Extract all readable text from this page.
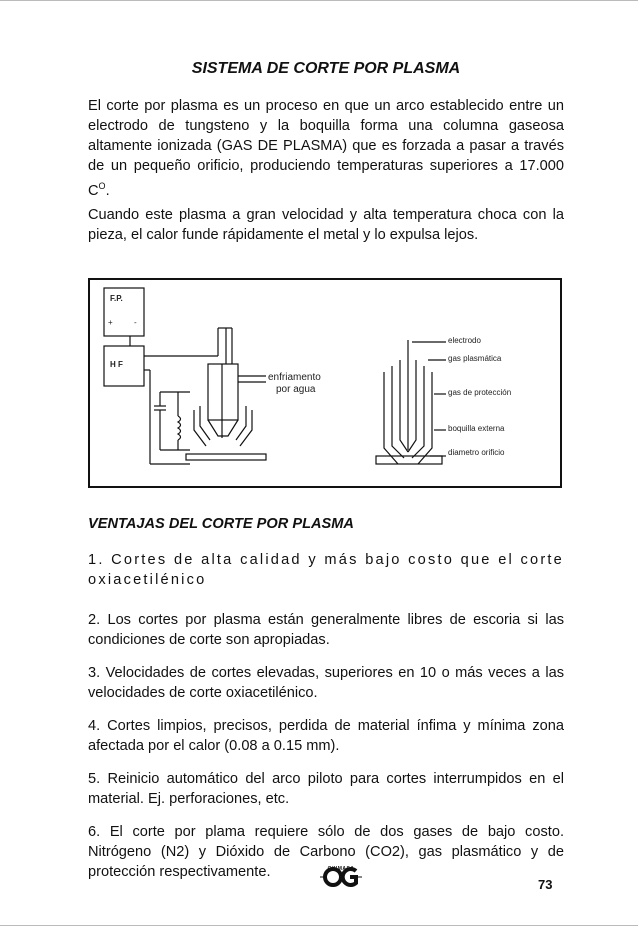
SISTEMA DE CORTE POR PLASMA

El corte por plasma es un proceso en que un arco establecido entre un electrodo de tungsteno y la boquilla forma una columna gaseosa altamente ionizada (GAS DE PLASMA) que es forzada a pasar a través de un pequeño orificio, produciendo temperaturas superiores a 17.000 $C^O$.

Cuando este plasma a gran velocidad y alta temperatura choca con la pieza, el calor funde rápidamente el metal y lo expulsa lejos.

F.P.
+	-
H F
enfriamento
por agua
electrodo
gas plasmática
gas de protección
boquilla externa
diametro orificio
VENTAJAS DEL CORTE POR PLASMA

1. Cortes de alta calidad y más bajo costo que el corte oxiacetilénico

2. Los cortes por plasma están generalmente libres de escoria si las condiciones de corte son apropiadas.

3. Velocidades de cortes elevadas, superiores en 10 o más veces a las velocidades de corte oxiacetilénico.

4. Cortes limpios, precisos, perdida de material ínfima y mínima zona afectada por el calor (0.08 a 0.15 mm).

5. Reinicio automático del arco piloto para cortes interrumpidos en el material. Ej. perforaciones, etc.

6. El corte por plama requiere sólo de dos gases de bajo costo. Nitrógeno (N2) y Dióxido de Carbono (CO2), gas plasmático y de protección respectivamente.	OXIMASA
73
